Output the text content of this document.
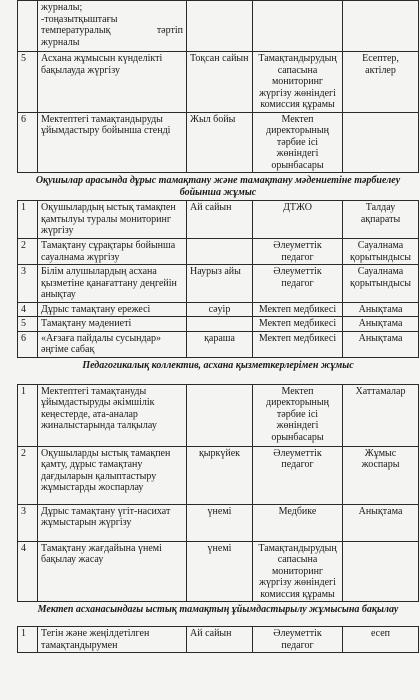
	журналы;
-тоңазытқыштағы
температуралық тәртіп
журналы			

5	Асхана жұмысын күнделікті бақылауда жүргізу	Тоқсан сайын	Тамақтандырудың сапасына мониторинг жүргізу жөніндегі комиссия құрамы	Есептер, актілер
6	Мектептегі тамақтандыруды ұйымдастыру бойынша стенді	Жыл бойы	Мектеп директорының тәрбие ісі жөніндегі орынбасары	
Оқушылар арасында дұрыс тамақтану және тамақтану мәдениетіне тәрбиелеу бойынша жұмыс				
1	Оқушылардың ыстық тамақпен қамтылуы туралы мониторинг жүргізу	Ай сайын	ДТЖО	Талдау ақпараты
2	Тамақтану сұрақтары бойынша сауалнама жүргізу		Әлеуметтік педагог	Сауалнама қорытындысы
3	Білім алушылардың асхана қызметіне қанағаттану деңгейін анықтау	Наурыз айы	Әлеуметтік педагог	Сауалнама қорытындысы
4	Дұрыс тамақтану ережесі	сәуір	Мектеп медбикесі	Анықтама
5	Тамақтану мәдениеті		Мектеп медбикесі	Анықтама
6	«Ағзаға пайдалы сусындар» әңгіме сабақ	қараша	Мектеп медбикесі	Анықтама
Педагогикалық коллектив, асхана қызметкерлерімен жұмыс				
1	Мектептегі тамақтануды ұйымдастыруды әкімшілік кеңестерде, ата-аналар жиналыстарында талқылау		Мектеп директорының тәрбие ісі жөніндегі орынбасары	Хаттамалар
2	Оқушыларды ыстық тамақпен қамту, дұрыс тамақтану дағдыларын қалыптастыру жұмыстарды жоспарлау	қыркүйек	Әлеуметтік педагог	Жұмыс жоспары
3	Дұрыс тамақтану үгіт-насихат жұмыстарын жүргізу	үнемі	Медбике	Анықтама
4	Тамақтану жағдайына үнемі бақылау жасау	үнемі	Тамақтандырудың сапасына мониторинг жүргізу жөніндегі комиссия құрамы	
Мектеп асханасындағы ыстық тамақтың ұйымдастырылу жұмысына бақылау				
1	Тегін және жеңілдетілген тамақтандырумен	Ай сайын	Әлеуметтік педагог	есеп
